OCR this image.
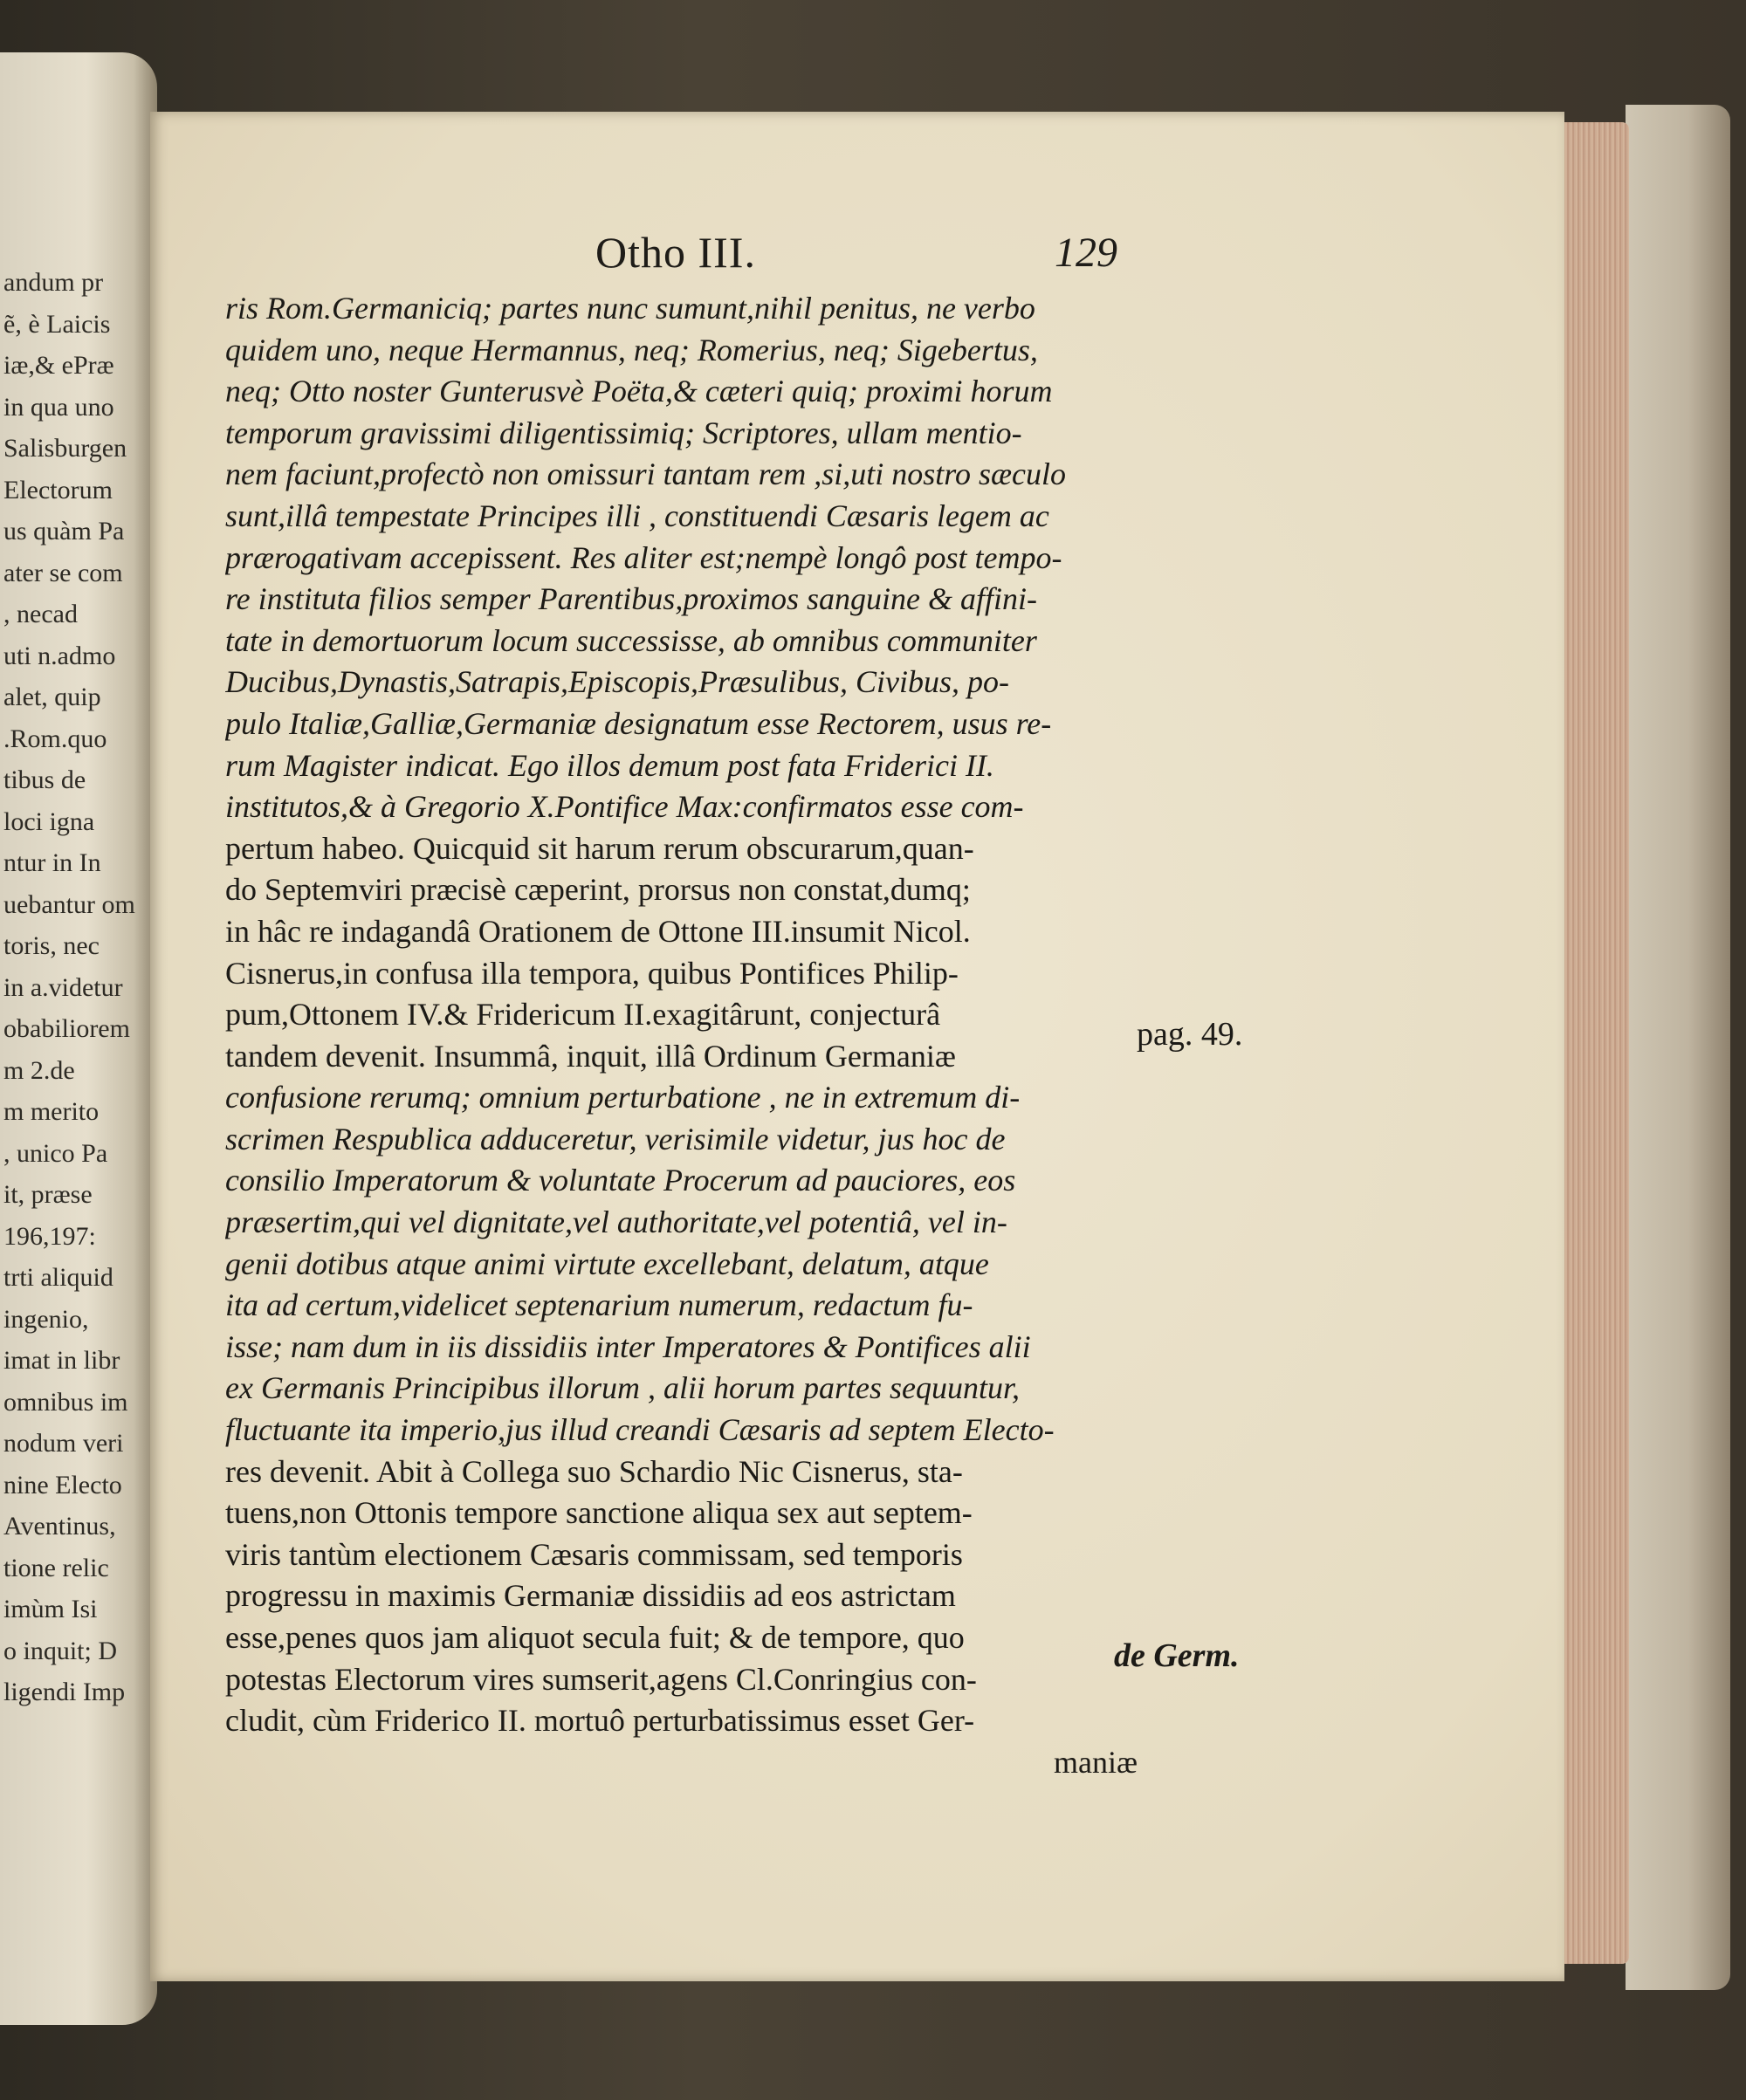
andum pr
ẽ, è Laicis
iæ,& ePræ
in qua uno
Salisburgen
Electorum
us quàm Pa
ater se com
, necad
uti n.admo
alet, quip
.Rom.quo
tibus de
loci igna
ntur in In
uebantur om
toris, nec
in a.videtur
obabiliorem
m 2.de
m merito
, unico Pa
it, præse
196,197:
trti aliquid
ingenio,
imat in libr
omnibus im
nodum veri
nine Electo
Aventinus,
tione relic
imùm Isi
o inquit; D
ligendi Imp
Otho III.	129
ris Rom.Germaniciq; partes nunc sumunt,nihil penitus, ne verbo
quidem uno, neque Hermannus, neq; Romerius, neq; Sigebertus,
neq; Otto noster Gunterusvè Poëta,& cæteri quiq; proximi horum
temporum gravissimi diligentissimiq; Scriptores, ullam mentio-
nem faciunt,profectò non omissuri tantam rem ,si,uti nostro sæculo
sunt,illâ tempestate Principes illi , constituendi Cæsaris legem ac
prærogativam accepissent. Res aliter est;nempè longô post tempo-
re instituta filios semper Parentibus,proximos sanguine & affini-
tate in demortuorum locum successisse, ab omnibus communiter
Ducibus,Dynastis,Satrapis,Episcopis,Præsulibus, Civibus, po-
pulo Italiæ,Galliæ,Germaniæ designatum esse Rectorem, usus re-
rum Magister indicat. Ego illos demum post fata Friderici II.
institutos,& à Gregorio X.Pontifice Max:confirmatos esse com-
pertum habeo. Quicquid sit harum rerum obscurarum,quan-
do Septemviri præcisè cæperint, prorsus non constat,dumq;
in hâc re indagandâ Orationem de Ottone III.insumit Nicol.
Cisnerus,in confusa illa tempora, quibus Pontifices Philip-
pum,Ottonem IV.& Fridericum II.exagitârunt, conjecturâ
tandem devenit. Insummâ, inquit, illâ Ordinum Germaniæ
confusione rerumq; omnium perturbatione , ne in extremum di-
scrimen Respublica adduceretur, verisimile videtur, jus hoc de
consilio Imperatorum & voluntate Procerum ad pauciores, eos
præsertim,qui vel dignitate,vel authoritate,vel potentiâ, vel in-
genii dotibus atque animi virtute excellebant, delatum, atque
ita ad certum,videlicet septenarium numerum, redactum fu-
isse; nam dum in iis dissidiis inter Imperatores & Pontifices alii
ex Germanis Principibus illorum , alii horum partes sequuntur,
fluctuante ita imperio,jus illud creandi Cæsaris ad septem Electo-
res devenit. Abit à Collega suo Schardio Nic Cisnerus, sta-
tuens,non Ottonis tempore sanctione aliqua sex aut septem-
viris tantùm electionem Cæsaris commissam, sed temporis
progressu in maximis Germaniæ dissidiis ad eos astrictam
esse,penes quos jam aliquot secula fuit; & de tempore, quo
potestas Electorum vires sumserit,agens Cl.Conringius con-
cludit, cùm Friderico II. mortuô perturbatissimus esset Ger-
maniæ
pag. 49.
de Germ.
